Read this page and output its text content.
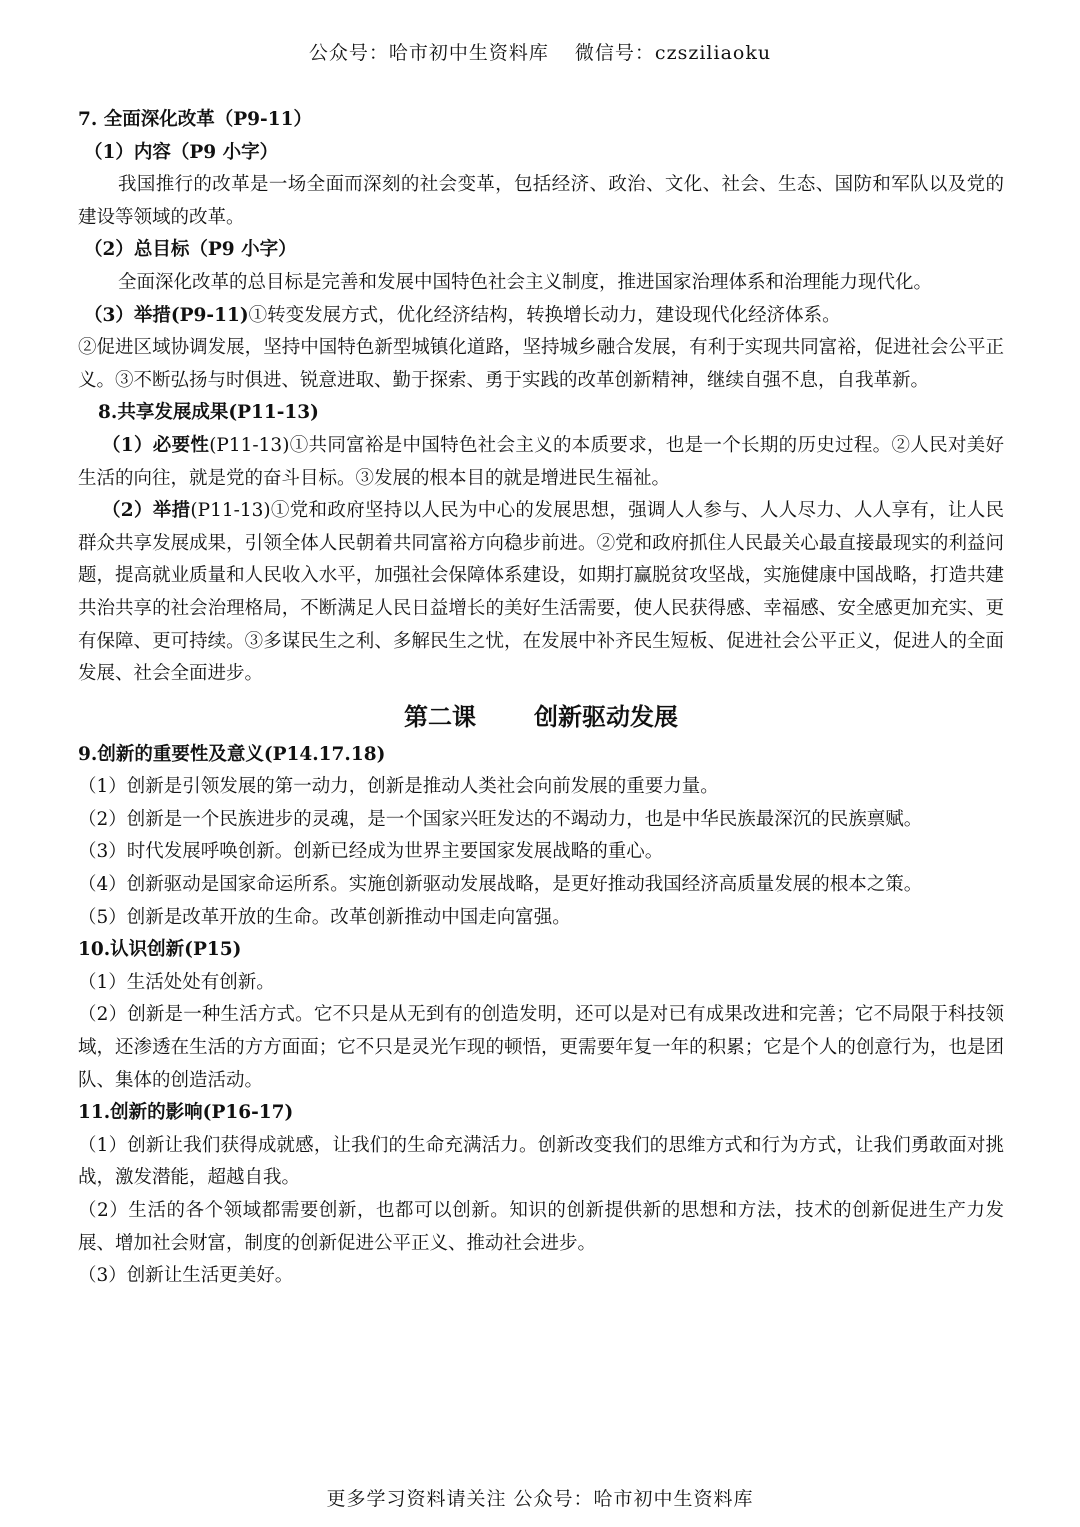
公众号：哈市初中生资料库 微信号：czsziliaoku

7. 全面深化改革（P9-11）

（1）内容（P9 小字）

我国推行的改革是一场全面而深刻的社会变革，包括经济、政治、文化、社会、生态、国防和军队以及党的建设等领域的改革。

（2）总目标（P9 小字）

全面深化改革的总目标是完善和发展中国特色社会主义制度，推进国家治理体系和治理能力现代化。

（3）举措(P9-11)①转变发展方式，优化经济结构，转换增长动力，建设现代化经济体系。

②促进区域协调发展，坚持中国特色新型城镇化道路，坚持城乡融合发展，有利于实现共同富裕，促进社会公平正义。③不断弘扬与时俱进、锐意进取、勤于探索、勇于实践的改革创新精神，继续自强不息，自我革新。

8.共享发展成果(P11-13)

（1）必要性(P11-13)①共同富裕是中国特色社会主义的本质要求，也是一个长期的历史过程。②人民对美好生活的向往，就是党的奋斗目标。③发展的根本目的就是增进民生福祉。

（2）举措(P11-13)①党和政府坚持以人民为中心的发展思想，强调人人参与、人人尽力、人人享有，让人民群众共享发展成果，引领全体人民朝着共同富裕方向稳步前进。②党和政府抓住人民最关心最直接最现实的利益问题，提高就业质量和人民收入水平，加强社会保障体系建设，如期打赢脱贫攻坚战，实施健康中国战略，打造共建共治共享的社会治理格局，不断满足人民日益增长的美好生活需要，使人民获得感、幸福感、安全感更加充实、更有保障、更可持续。③多谋民生之利、多解民生之忧，在发展中补齐民生短板、促进社会公平正义，促进人的全面发展、社会全面进步。

第二课 创新驱动发展

9.创新的重要性及意义(P14.17.18)

（1）创新是引领发展的第一动力，创新是推动人类社会向前发展的重要力量。

（2）创新是一个民族进步的灵魂，是一个国家兴旺发达的不竭动力，也是中华民族最深沉的民族禀赋。

（3）时代发展呼唤创新。创新已经成为世界主要国家发展战略的重心。

（4）创新驱动是国家命运所系。实施创新驱动发展战略，是更好推动我国经济高质量发展的根本之策。

（5）创新是改革开放的生命。改革创新推动中国走向富强。

10.认识创新(P15)

（1）生活处处有创新。

（2）创新是一种生活方式。它不只是从无到有的创造发明，还可以是对已有成果改进和完善；它不局限于科技领域，还渗透在生活的方方面面；它不只是灵光乍现的顿悟，更需要年复一年的积累；它是个人的创意行为，也是团队、集体的创造活动。

11.创新的影响(P16-17)

（1）创新让我们获得成就感，让我们的生命充满活力。创新改变我们的思维方式和行为方式，让我们勇敢面对挑战，激发潜能，超越自我。

（2）生活的各个领域都需要创新，也都可以创新。知识的创新提供新的思想和方法，技术的创新促进生产力发展、增加社会财富，制度的创新促进公平正义、推动社会进步。

（3）创新让生活更美好。

更多学习资料请关注 公众号：哈市初中生资料库
